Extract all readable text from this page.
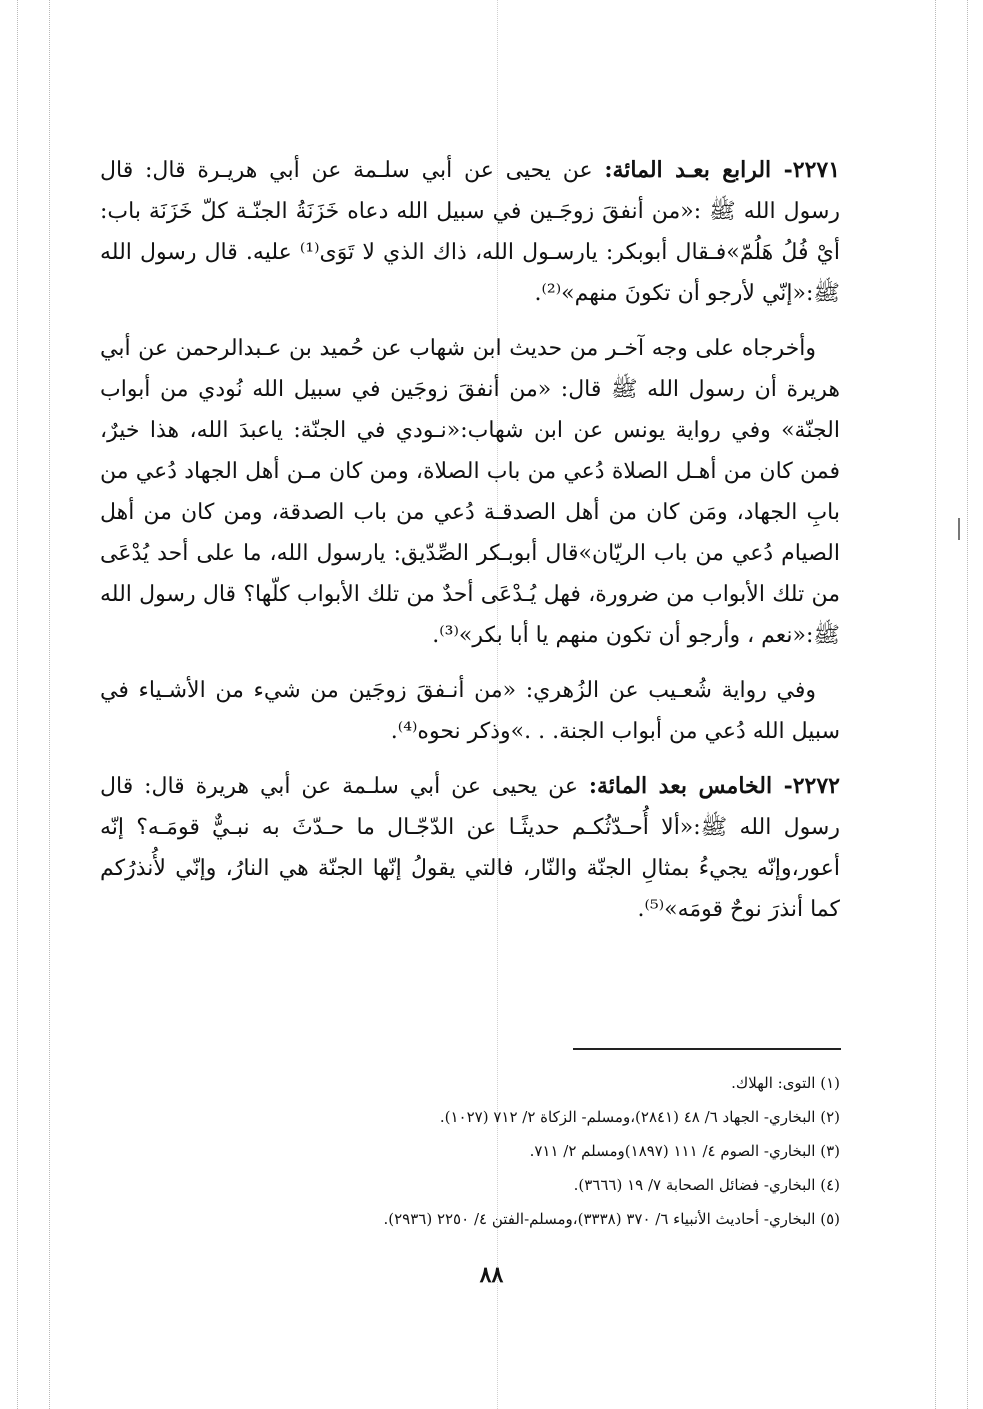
٢٢٧١- الرابع بعـد المائة: عن يحيى عن أبي سلـمة عن أبي هريـرة قال: قال رسول الله ﷺ :«من أنفقَ زوجَـين في سبيل الله دعاه خَزَنَةُ الجنّـة كلّ خَزَنَة باب: أيْ فُلُ هَلُمّ»فـقال أبوبكر: يارسـول الله، ذاك الذي لا تَوَى⁽¹⁾ عليه. قال رسول الله ﷺ:«إنّي لأرجو أن تكونَ منهم»⁽²⁾.

وأخرجاه على وجه آخـر من حديث ابن شهاب عن حُميد بن عـبدالرحمن عن أبي هريرة أن رسول الله ﷺ قال: «من أنفقَ زوجَين في سبيل الله نُودي من أبواب الجنّة» وفي رواية يونس عن ابن شهاب:«نـودي في الجنّة: ياعبدَ الله، هذا خيرٌ، فمن كان من أهـل الصلاة دُعي من باب الصلاة، ومن كان مـن أهل الجهاد دُعي من بابِ الجهاد، ومَن كان من أهل الصدقـة دُعي من باب الصدقة، ومن كان من أهل الصيام دُعي من باب الريّان»قال أبوبـكر الصِّدّيق: يارسول الله، ما على أحد يُدْعَى من تلك الأبواب من ضرورة، فهل يُـدْعَى أحدٌ من تلك الأبواب كلّها؟ قال رسول الله ﷺ:«نعم ، وأرجو أن تكون منهم يا أبا بكر»⁽³⁾.

وفي رواية شُعـيب عن الزُهري: «من أنـفقَ زوجَين من شيء من الأشـياء في سبيل الله دُعي من أبواب الجنة. . .»وذكر نحوه⁽⁴⁾.

٢٢٧٢- الخامس بعد المائة: عن يحيى عن أبي سلـمة عن أبي هريرة قال: قال رسول الله ﷺ:«ألا أُحـدّثُكـم حديثًـا عن الدّجّـال ما حـدّثَ به نبـيٌّ قومَـه؟ إنّه أعور،وإنّه يجيءُ بمثالِ الجنّة والنّار، فالتي يقولُ إنّها الجنّة هي النارُ، وإنّي لأُنذرُكم كما أنذرَ نوحٌ قومَه»⁽⁵⁾.

(١) التوى: الهلاك.
(٢) البخاري- الجهاد ٦/ ٤٨ (٢٨٤١)،ومسلم- الزكاة ٢/ ٧١٢ (١٠٢٧).
(٣) البخاري- الصوم ٤/ ١١١ (١٨٩٧)ومسلم ٢/ ٧١١.
(٤) البخاري- فضائل الصحابة ٧/ ١٩ (٣٦٦٦).
(٥) البخاري- أحاديث الأنبياء ٦/ ٣٧٠ (٣٣٣٨)،ومسلم-الفتن ٤/ ٢٢٥٠ (٢٩٣٦).
٨٨
